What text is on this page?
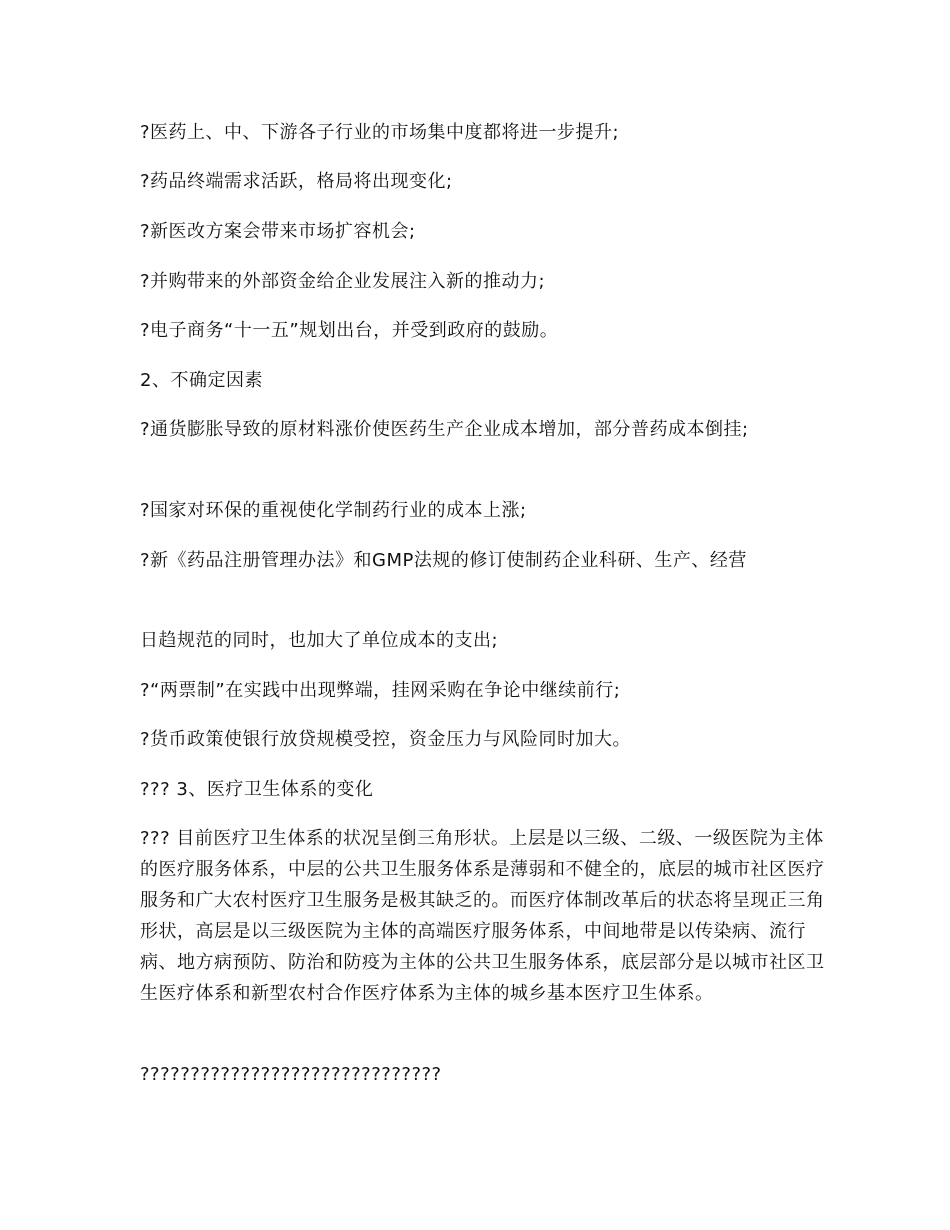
?医药上、中、下游各子行业的市场集中度都将进一步提升;

?药品终端需求活跃，格局将出现变化;

?新医改方案会带来市场扩容机会;

?并购带来的外部资金给企业发展注入新的推动力;

?电子商务“十一五”规划出台，并受到政府的鼓励。

2、不确定因素

?通货膨胀导致的原材料涨价使医药生产企业成本增加，部分普药成本倒挂;

?国家对环保的重视使化学制药行业的成本上涨;

?新《药品注册管理办法》和GMP法规的修订使制药企业科研、生产、经营

日趋规范的同时，也加大了单位成本的支出;

?“两票制”在实践中出现弊端，挂网采购在争论中继续前行;

?货币政策使银行放贷规模受控，资金压力与风险同时加大。

??? 3、医疗卫生体系的变化

??? 目前医疗卫生体系的状况呈倒三角形状。上层是以三级、二级、一级医院为主体的医疗服务体系，中层的公共卫生服务体系是薄弱和不健全的，底层的城市社区医疗服务和广大农村医疗卫生服务是极其缺乏的。而医疗体制改革后的状态将呈现正三角形状，高层是以三级医院为主体的高端医疗服务体系，中间地带是以传染病、流行病、地方病预防、防治和防疫为主体的公共卫生服务体系，底层部分是以城市社区卫生医疗体系和新型农村合作医疗体系为主体的城乡基本医疗卫生体系。

??????????????????????????????
